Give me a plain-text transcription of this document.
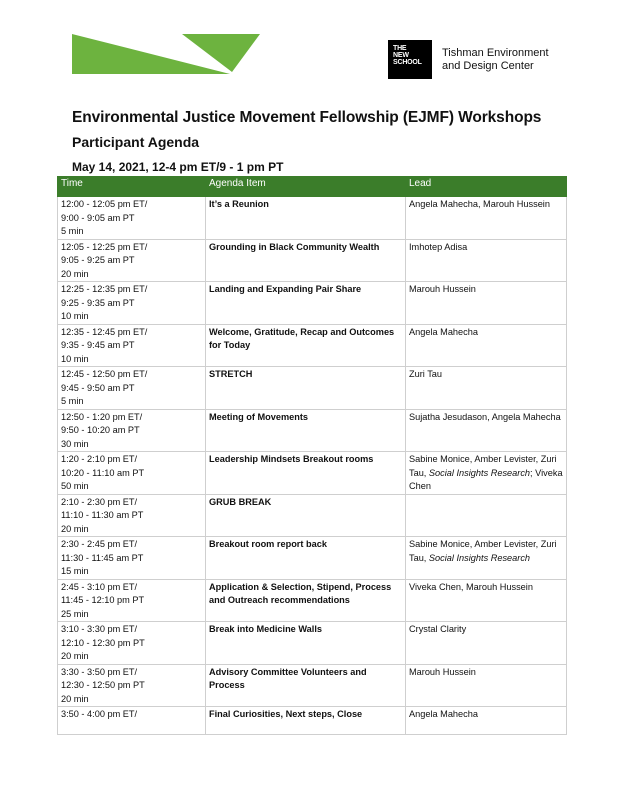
THE
NEW
SCHOOL
Tishman Environment
and Design Center
Environmental Justice Movement Fellowship (EJMF) Workshops
Participant Agenda
May 14, 2021, 12-4 pm ET/9 - 1 pm PT
Time	Agenda Item	Lead

12:00 - 12:05 pm ET/
9:00 - 9:05 am PT
5 min	It’s a Reunion	Angela Mahecha, Marouh Hussein

12:05 - 12:25 pm ET/
9:05 - 9:25 am PT
20 min	Grounding in Black Community Wealth	Imhotep Adisa

12:25 - 12:35 pm ET/
9:25 - 9:35 am PT
10 min	Landing and Expanding Pair Share	Marouh Hussein

12:35 - 12:45 pm ET/
9:35 - 9:45 am PT
10 min	Welcome, Gratitude, Recap and Outcomes for Today	Angela Mahecha

12:45 - 12:50 pm ET/
9:45 - 9:50 am PT
5 min	STRETCH	Zuri Tau

12:50 - 1:20 pm ET/
9:50 - 10:20 am PT
30 min	Meeting of Movements	Sujatha Jesudason, Angela Mahecha

1:20 - 2:10 pm ET/
10:20 - 11:10 am PT
50 min	Leadership Mindsets Breakout rooms	Sabine Monice, Amber Levister, Zuri Tau, Social Insights Research; Viveka Chen

2:10 - 2:30 pm ET/
11:10 - 11:30 am PT
20 min	GRUB BREAK	

2:30 - 2:45 pm ET/
11:30 - 11:45 am PT
15 min	Breakout room report back	Sabine Monice, Amber Levister, Zuri Tau, Social Insights Research

2:45 - 3:10 pm ET/
11:45 - 12:10 pm PT
25 min	Application & Selection, Stipend, Process and Outreach recommendations	Viveka Chen, Marouh Hussein

3:10 - 3:30 pm ET/
12:10 - 12:30 pm PT
20 min	Break into Medicine Walls	Crystal Clarity

3:30 - 3:50 pm ET/
12:30 - 12:50 pm PT
20 min	Advisory Committee Volunteers and Process	Marouh Hussein

3:50 - 4:00 pm ET/	Final Curiosities, Next steps, Close	Angela Mahecha
